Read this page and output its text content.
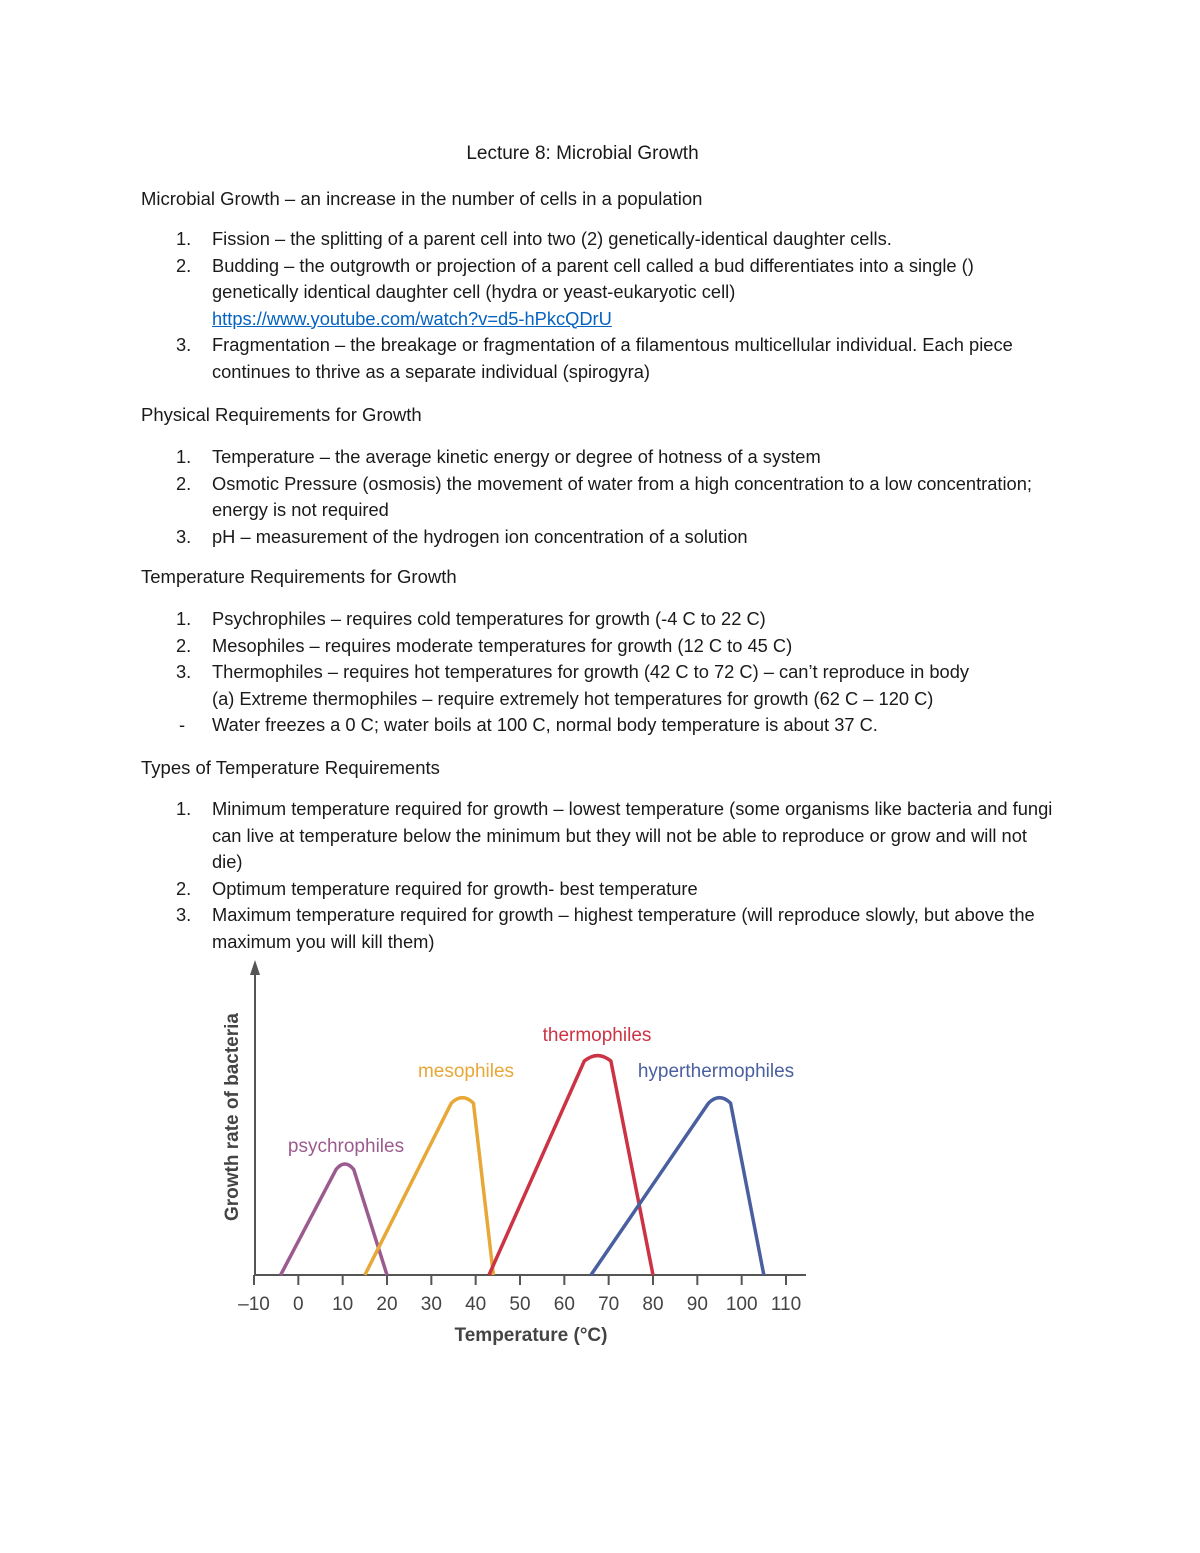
Lecture 8: Microbial Growth
Microbial Growth – an increase in the number of cells in a population
1. Fission – the splitting of a parent cell into two (2) genetically-identical daughter cells.
2. Budding – the outgrowth or projection of a parent cell called a bud differentiates into a single () genetically identical daughter cell (hydra or yeast-eukaryotic cell)
https://www.youtube.com/watch?v=d5-hPkcQDrU
3. Fragmentation – the breakage or fragmentation of a filamentous multicellular individual. Each piece continues to thrive as a separate individual (spirogyra)
Physical Requirements for Growth
1. Temperature – the average kinetic energy or degree of hotness of a system
2. Osmotic Pressure (osmosis) the movement of water from a high concentration to a low concentration; energy is not required
3. pH – measurement of the hydrogen ion concentration of a solution
Temperature Requirements for Growth
1. Psychrophiles – requires cold temperatures for growth (-4 C to 22 C)
2. Mesophiles – requires moderate temperatures for growth (12 C to 45 C)
3. Thermophiles – requires hot temperatures for growth (42 C to 72 C) – can’t reproduce in body
(a) Extreme thermophiles – require extremely hot temperatures for growth (62 C – 120 C)
- Water freezes a 0 C; water boils at 100 C, normal body temperature is about 37 C.
Types of Temperature Requirements
1. Minimum temperature required for growth – lowest temperature (some organisms like bacteria and fungi can live at temperature below the minimum but they will not be able to reproduce or grow and will not die)
2. Optimum temperature required for growth- best temperature
3. Maximum temperature required for growth – highest temperature (will reproduce slowly, but above the maximum you will kill them)
–10 0 10 20 30 40 50 60 70 80 90 100 110
Temperature (°C)
Growth rate of bacteria psychrophiles
mesophiles
thermophiles
hyperthermophiles
